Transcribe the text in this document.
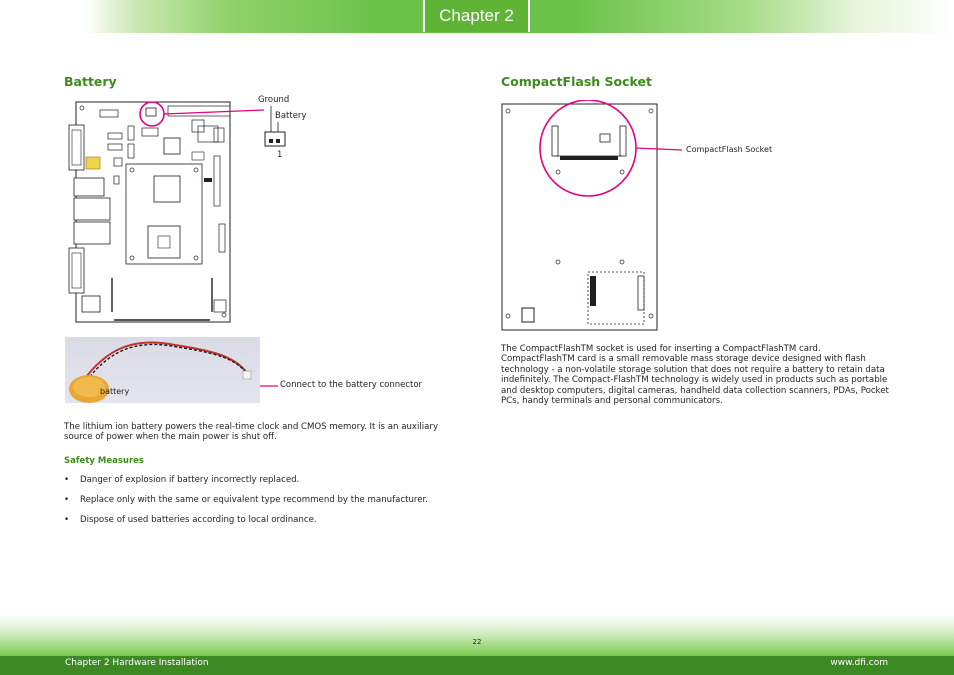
Chapter 2
Battery
Ground
Battery
1
battery
Connect to the battery connector
The lithium ion battery powers the real-time clock and CMOS memory. It is an auxiliary source of power when the main power is shut off.
Safety Measures
• Danger of explosion if battery incorrectly replaced.
• Replace only with the same or equivalent type recommend by the manufacturer.
• Dispose of used batteries according to local ordinance.
CompactFlash Socket
CompactFlash Socket
The CompactFlashTM socket is used for inserting a CompactFlashTM card. CompactFlashTM card is a small removable mass storage device designed with flash technology - a non-volatile storage solution that does not require a battery to retain data indefinitely. The Compact-FlashTM technology is widely used in products such as portable and desktop computers, digital cameras, handheld data collection scanners, PDAs, Pocket PCs, handy terminals and personal communicators.
22
Chapter 2 Hardware Installation	www.dfi.com
